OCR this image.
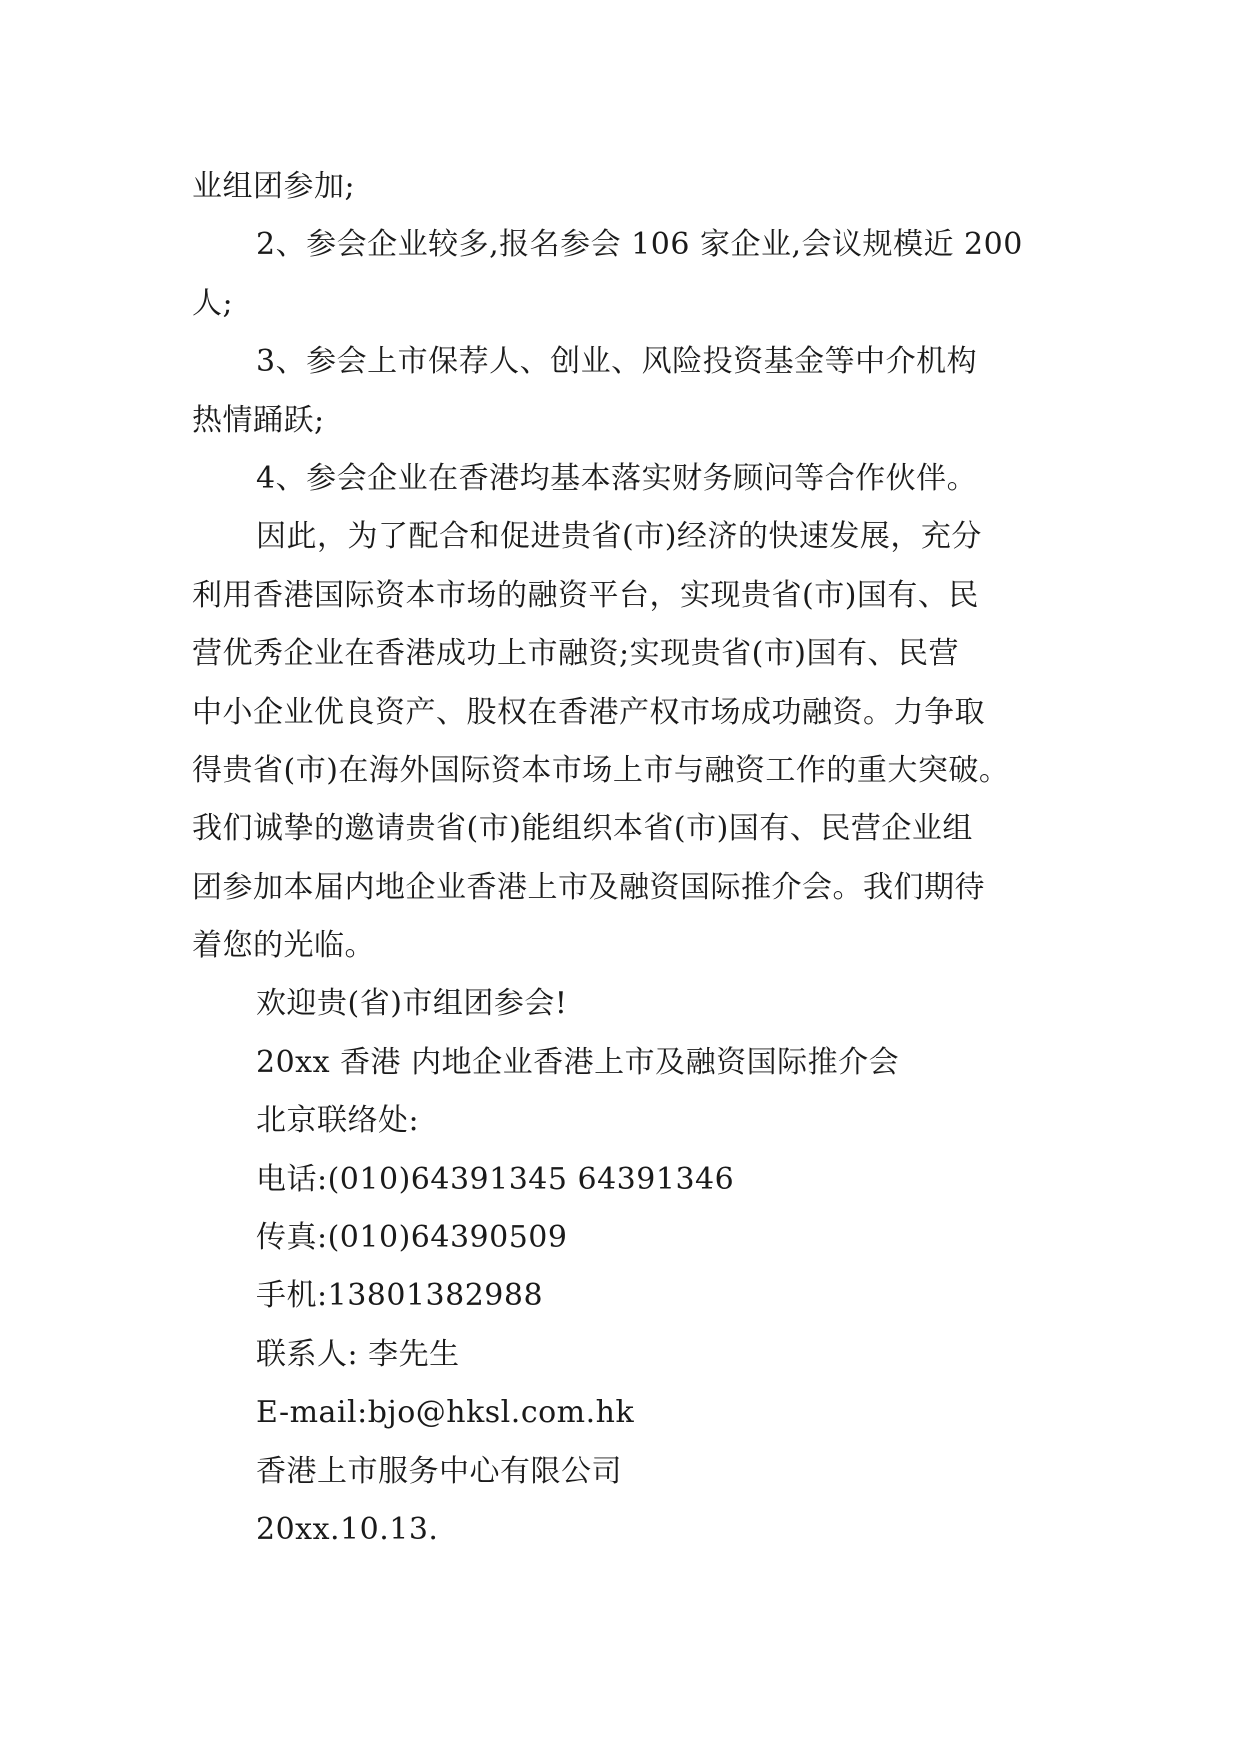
业组团参加;

2、参会企业较多,报名参会 106 家企业,会议规模近 200

人;

3、参会上市保荐人、创业、风险投资基金等中介机构

热情踊跃;

4、参会企业在香港均基本落实财务顾问等合作伙伴。

因此，为了配合和促进贵省(市)经济的快速发展，充分

利用香港国际资本市场的融资平台，实现贵省(市)国有、民

营优秀企业在香港成功上市融资;实现贵省(市)国有、民营

中小企业优良资产、股权在香港产权市场成功融资。力争取

得贵省(市)在海外国际资本市场上市与融资工作的重大突破。

我们诚挚的邀请贵省(市)能组织本省(市)国有、民营企业组

团参加本届内地企业香港上市及融资国际推介会。我们期待

着您的光临。

欢迎贵(省)市组团参会!

20xx 香港 内地企业香港上市及融资国际推介会

北京联络处:

电话:(010)64391345 64391346

传真:(010)64390509

手机:13801382988

联系人: 李先生

E-mail:bjo@hksl.com.hk

香港上市服务中心有限公司

20xx.10.13.
